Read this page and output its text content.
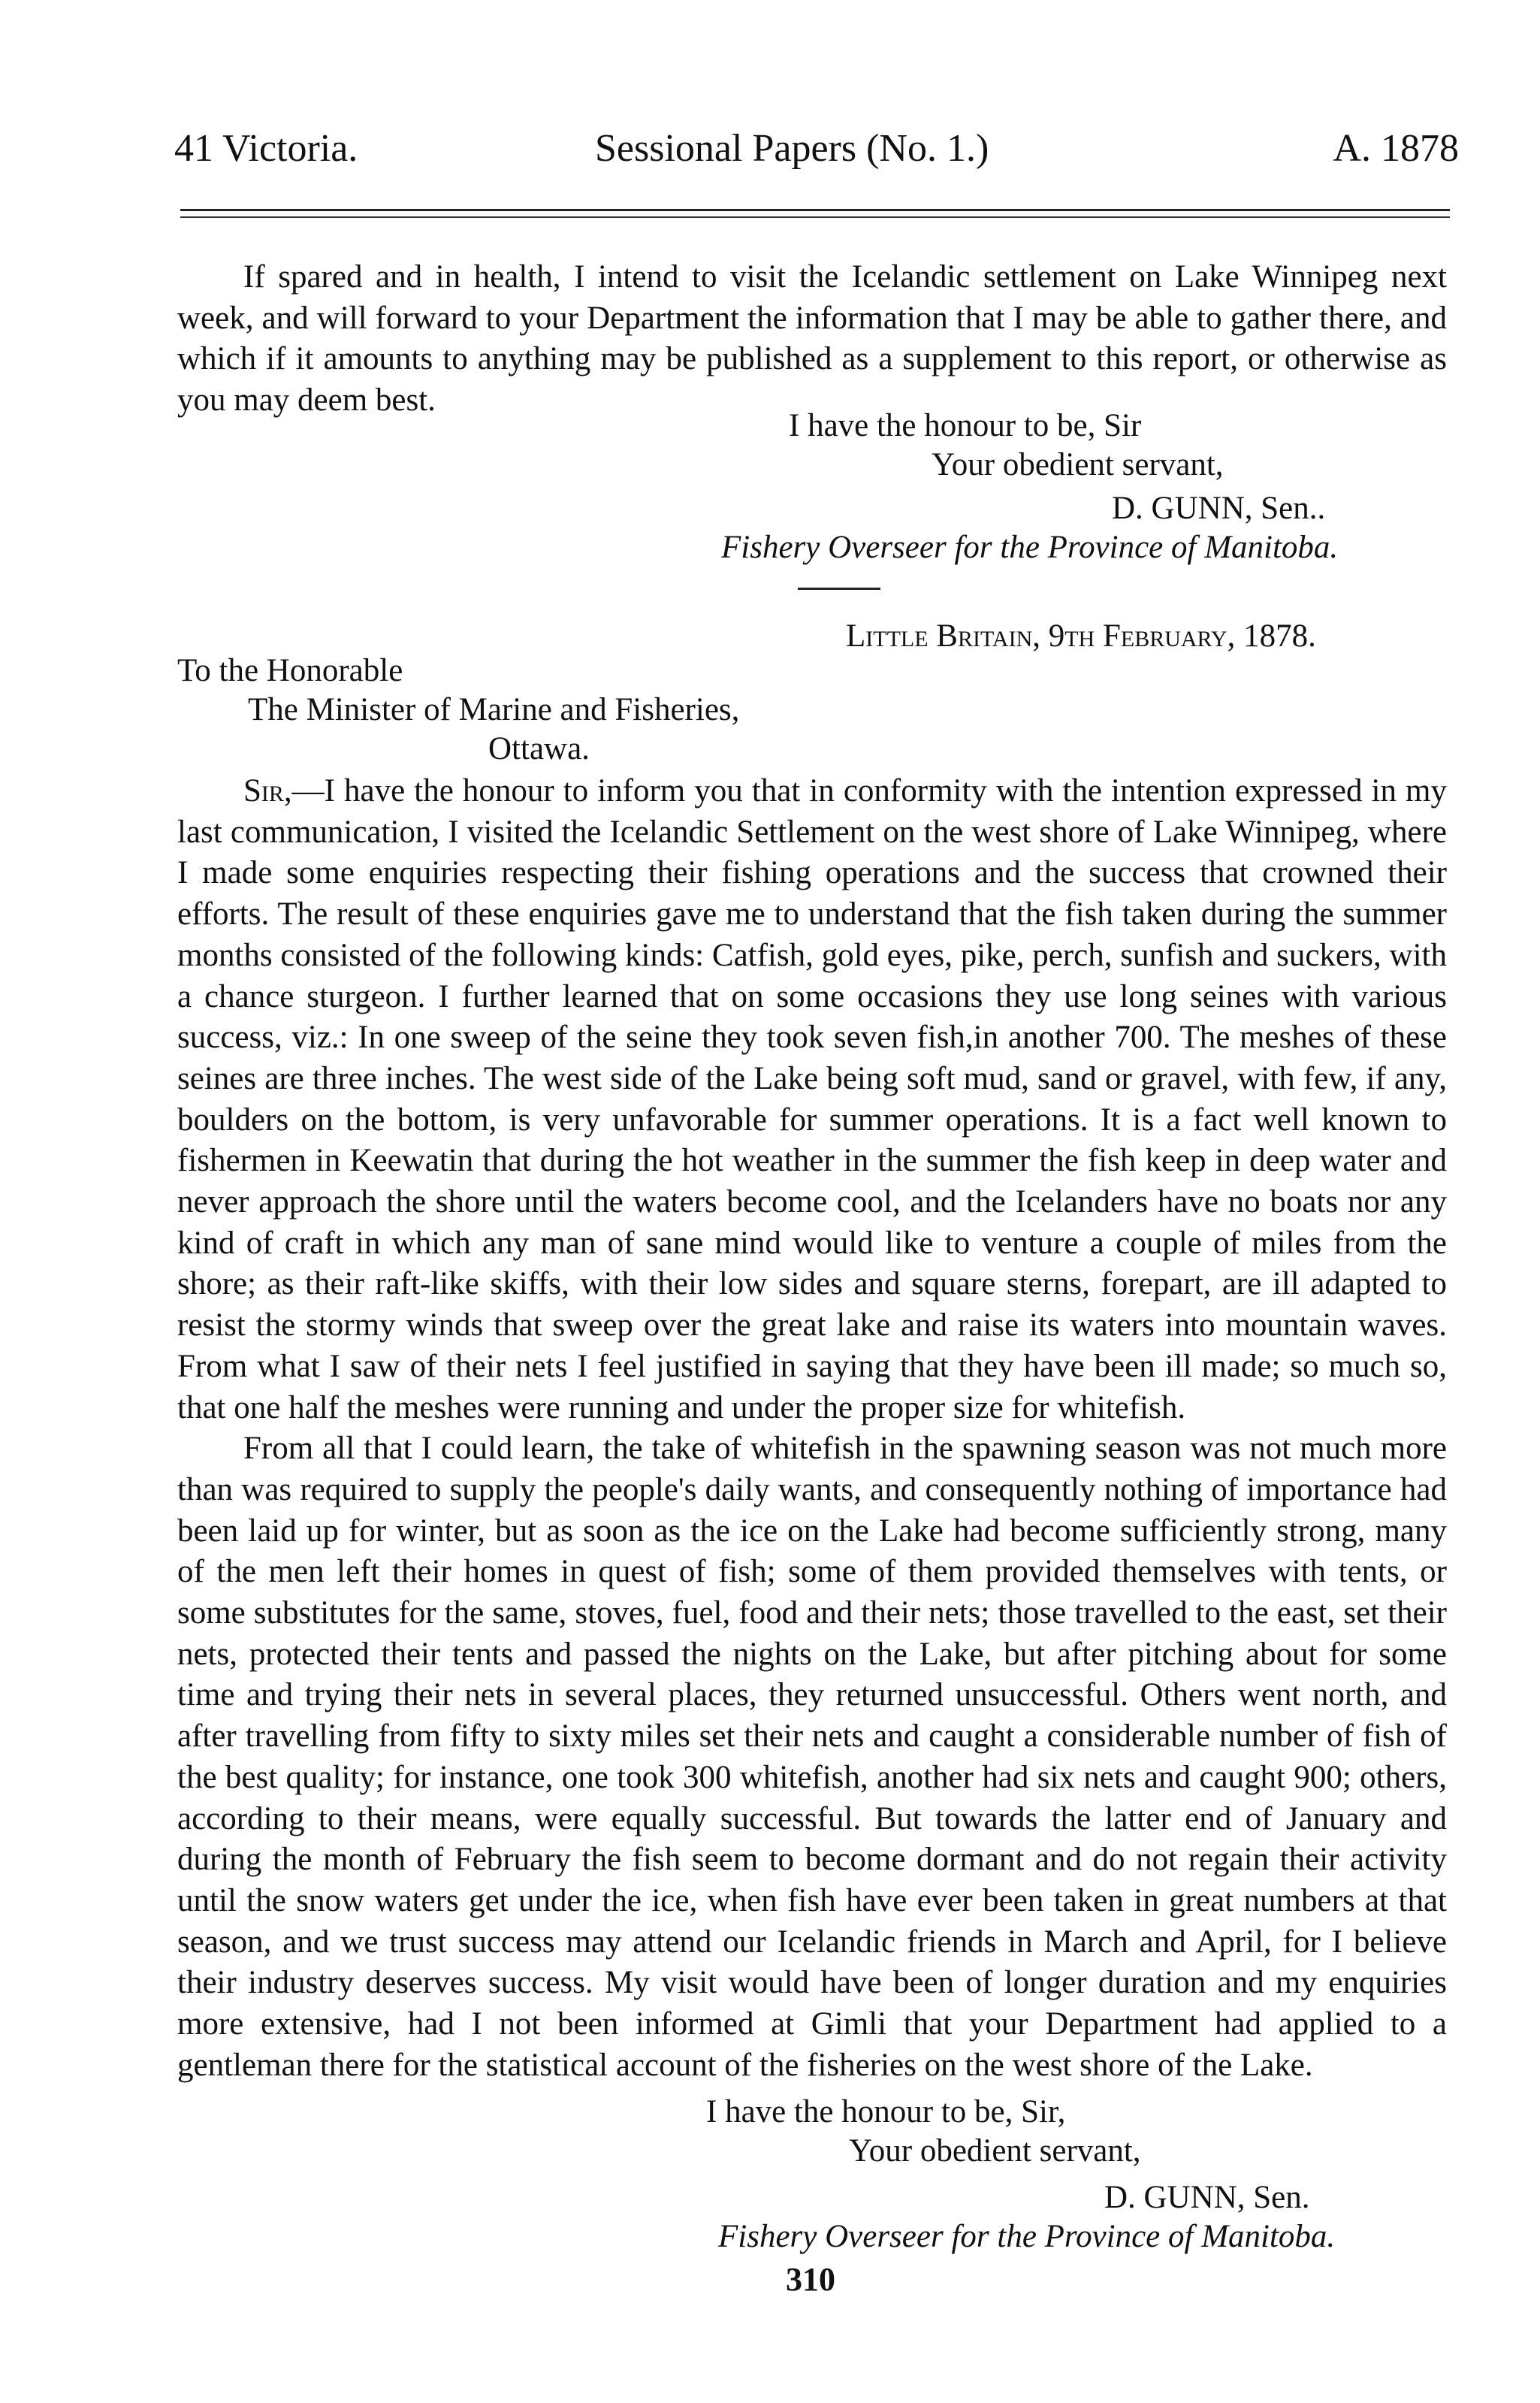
41 Victoria.	Sessional Papers (No. 1.)	A. 1878

If spared and in health, I intend to visit the Icelandic settlement on Lake Winnipeg next week, and will forward to your Department the information that I may be able to gather there, and which if it amounts to anything may be published as a supplement to this report, or otherwise as you may deem best.

I have the honour to be, Sir
Your obedient servant,
D. GUNN, Sen..
Fishery Overseer for the Province of Manitoba.
Little Britain, 9th February, 1878.
To the Honorable
The Minister of Marine and Fisheries,
Ottawa.

Sir,—I have the honour to inform you that in conformity with the intention expressed in my last communication, I visited the Icelandic Settlement on the west shore of Lake Winnipeg, where I made some enquiries respecting their fishing operations and the success that crowned their efforts. The result of these enquiries gave me to understand that the fish taken during the summer months consisted of the following kinds: Catfish, gold eyes, pike, perch, sunfish and suckers, with a chance sturgeon. I further learned that on some occasions they use long seines with various success, viz.: In one sweep of the seine they took seven fish,in another 700. The meshes of these seines are three inches. The west side of the Lake being soft mud, sand or gravel, with few, if any, boulders on the bottom, is very unfavorable for summer operations. It is a fact well known to fishermen in Keewatin that during the hot weather in the summer the fish keep in deep water and never approach the shore until the waters become cool, and the Icelanders have no boats nor any kind of craft in which any man of sane mind would like to venture a couple of miles from the shore; as their raft-like skiffs, with their low sides and square sterns, forepart, are ill adapted to resist the stormy winds that sweep over the great lake and raise its waters into mountain waves. From what I saw of their nets I feel justified in saying that they have been ill made; so much so, that one half the meshes were running and under the proper size for whitefish.

From all that I could learn, the take of whitefish in the spawning season was not much more than was required to supply the people's daily wants, and consequently nothing of importance had been laid up for winter, but as soon as the ice on the Lake had become sufficiently strong, many of the men left their homes in quest of fish; some of them provided themselves with tents, or some substitutes for the same, stoves, fuel, food and their nets; those travelled to the east, set their nets, protected their tents and passed the nights on the Lake, but after pitching about for some time and trying their nets in several places, they returned unsuccessful. Others went north, and after travelling from fifty to sixty miles set their nets and caught a considerable number of fish of the best quality; for instance, one took 300 whitefish, another had six nets and caught 900; others, according to their means, were equally successful. But towards the latter end of January and during the month of February the fish seem to become dormant and do not regain their activity until the snow waters get under the ice, when fish have ever been taken in great numbers at that season, and we trust success may attend our Icelandic friends in March and April, for I believe their industry deserves success. My visit would have been of longer duration and my enquiries more extensive, had I not been informed at Gimli that your Department had applied to a gentleman there for the statistical account of the fisheries on the west shore of the Lake.

I have the honour to be, Sir,
Your obedient servant,
D. GUNN, Sen.
Fishery Overseer for the Province of Manitoba.
310
